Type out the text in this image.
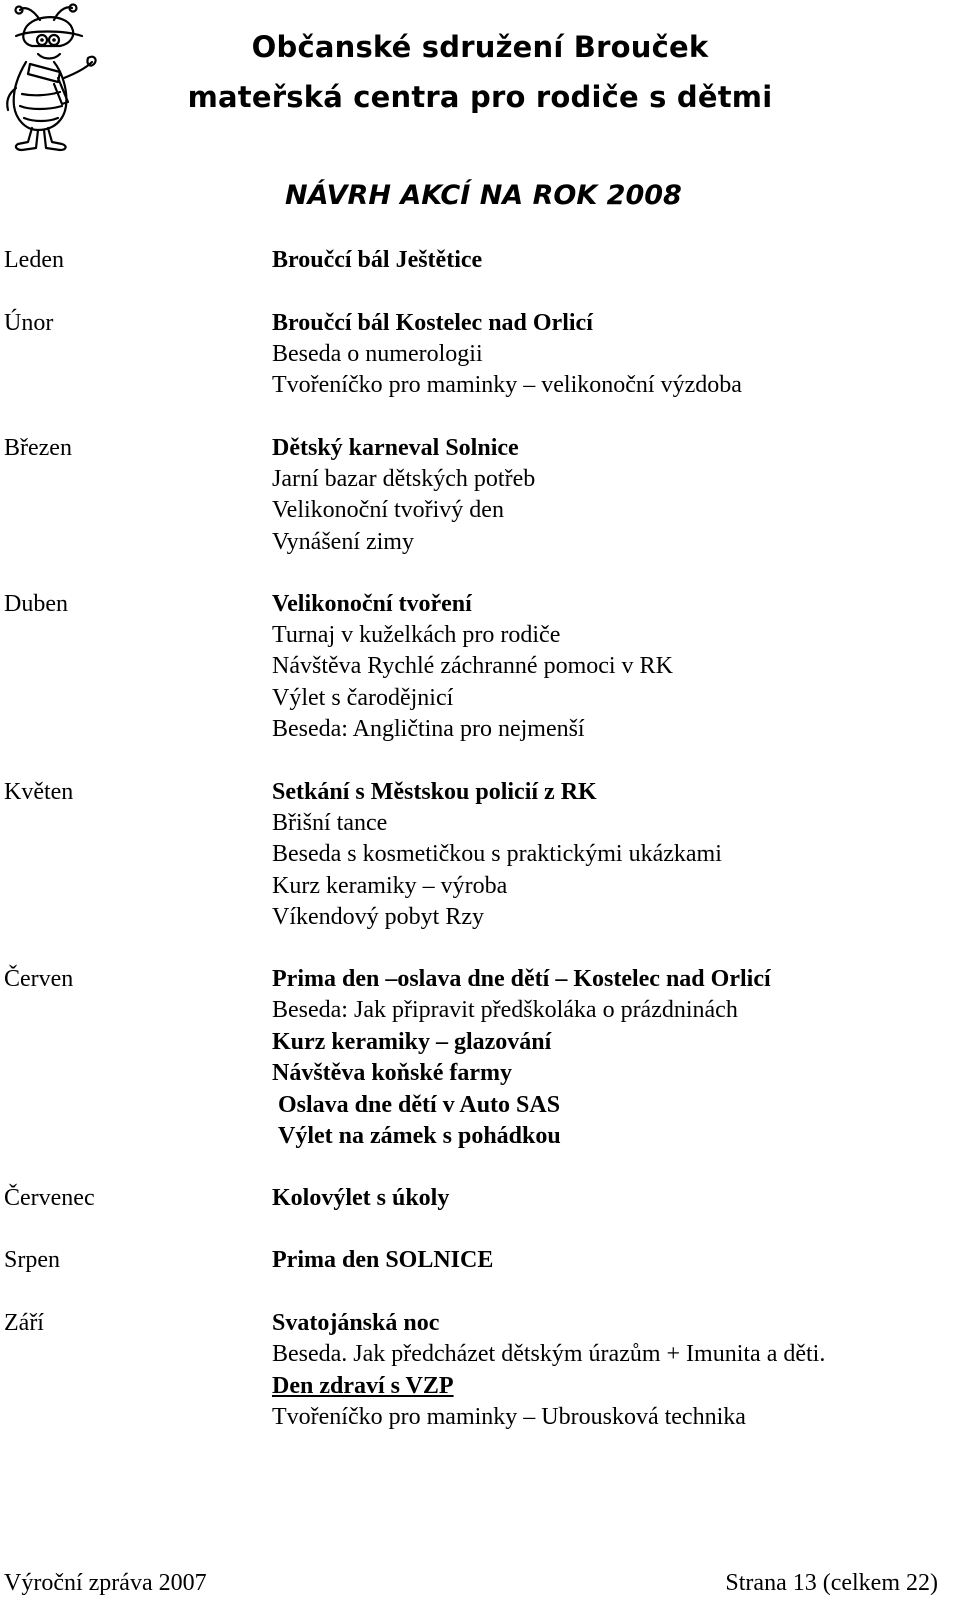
Občanské sdružení Brouček
mateřská centra pro rodiče s dětmi
NÁVRH AKCÍ NA ROK 2008
Leden	Broučcí bál Ještětice
Únor	Broučcí bál Kostelec nad Orlicí
Beseda o numerologii
Tvořeníčko pro maminky – velikonoční výzdoba
Březen	Dětský karneval Solnice
Jarní bazar dětských potřeb
Velikonoční tvořivý den
Vynášení zimy
Duben	Velikonoční tvoření
Turnaj v kuželkách pro rodiče
Návštěva Rychlé záchranné pomoci v RK
Výlet s čarodějnicí
Beseda: Angličtina pro nejmenší
Květen	Setkání s Městskou policií z RK
Břišní tance
Beseda s kosmetičkou s praktickými ukázkami
Kurz keramiky – výroba
Víkendový pobyt Rzy
Červen	Prima den –oslava dne dětí – Kostelec nad Orlicí
Beseda: Jak připravit předškoláka o prázdninách
Kurz keramiky – glazování
Návštěva koňské farmy
Oslava dne dětí v Auto SAS
Výlet na zámek s pohádkou
Červenec	Kolovýlet s úkoly
Srpen	Prima den SOLNICE
Září	Svatojánská noc
Beseda. Jak předcházet dětským úrazům + Imunita a děti.
Den zdraví s VZP
Tvořeníčko pro maminky – Ubrousková technika
Výroční zpráva 2007	Strana 13 (celkem 22)
